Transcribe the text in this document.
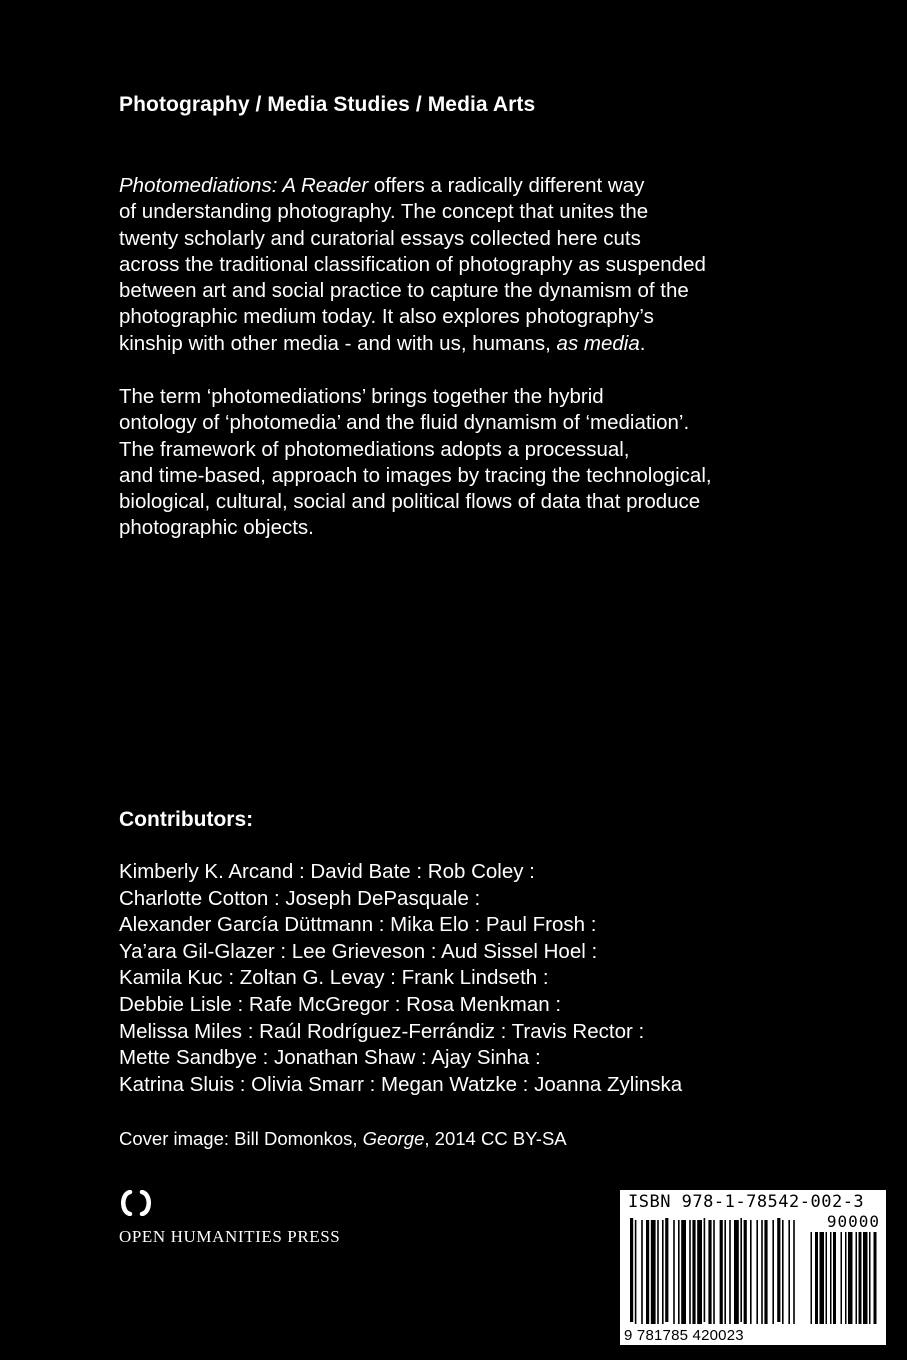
Photography / Media Studies / Media Arts
Photomediations: A Reader offers a radically different way
of understanding photography. The concept that unites the
twenty scholarly and curatorial essays collected here cuts
across the traditional classification of photography as suspended
between art and social practice to capture the dynamism of the
photographic medium today. It also explores photography’s
kinship with other media - and with us, humans, as media.
The term ‘photomediations’ brings together the hybrid
ontology of ‘photomedia’ and the fluid dynamism of ‘mediation’.
The framework of photomediations adopts a processual,
and time-based, approach to images by tracing the technological,
biological, cultural, social and political flows of data that produce
photographic objects.
Contributors:
Kimberly K. Arcand : David Bate : Rob Coley :
Charlotte Cotton : Joseph DePasquale :
Alexander García Düttmann : Mika Elo : Paul Frosh :
Ya’ara Gil-Glazer : Lee Grieveson : Aud Sissel Hoel :
Kamila Kuc : Zoltan G. Levay : Frank Lindseth :
Debbie Lisle : Rafe McGregor : Rosa Menkman :
Melissa Miles : Raúl Rodríguez-Ferrándiz : Travis Rector :
Mette Sandbye : Jonathan Shaw : Ajay Sinha :
Katrina Sluis : Olivia Smarr : Megan Watzke : Joanna Zylinska
Cover image: Bill Domonkos, George, 2014 CC BY-SA
OPEN HUMANITIES PRESS
ISBN 978-1-78542-002-3
90000
9 781785 420023
